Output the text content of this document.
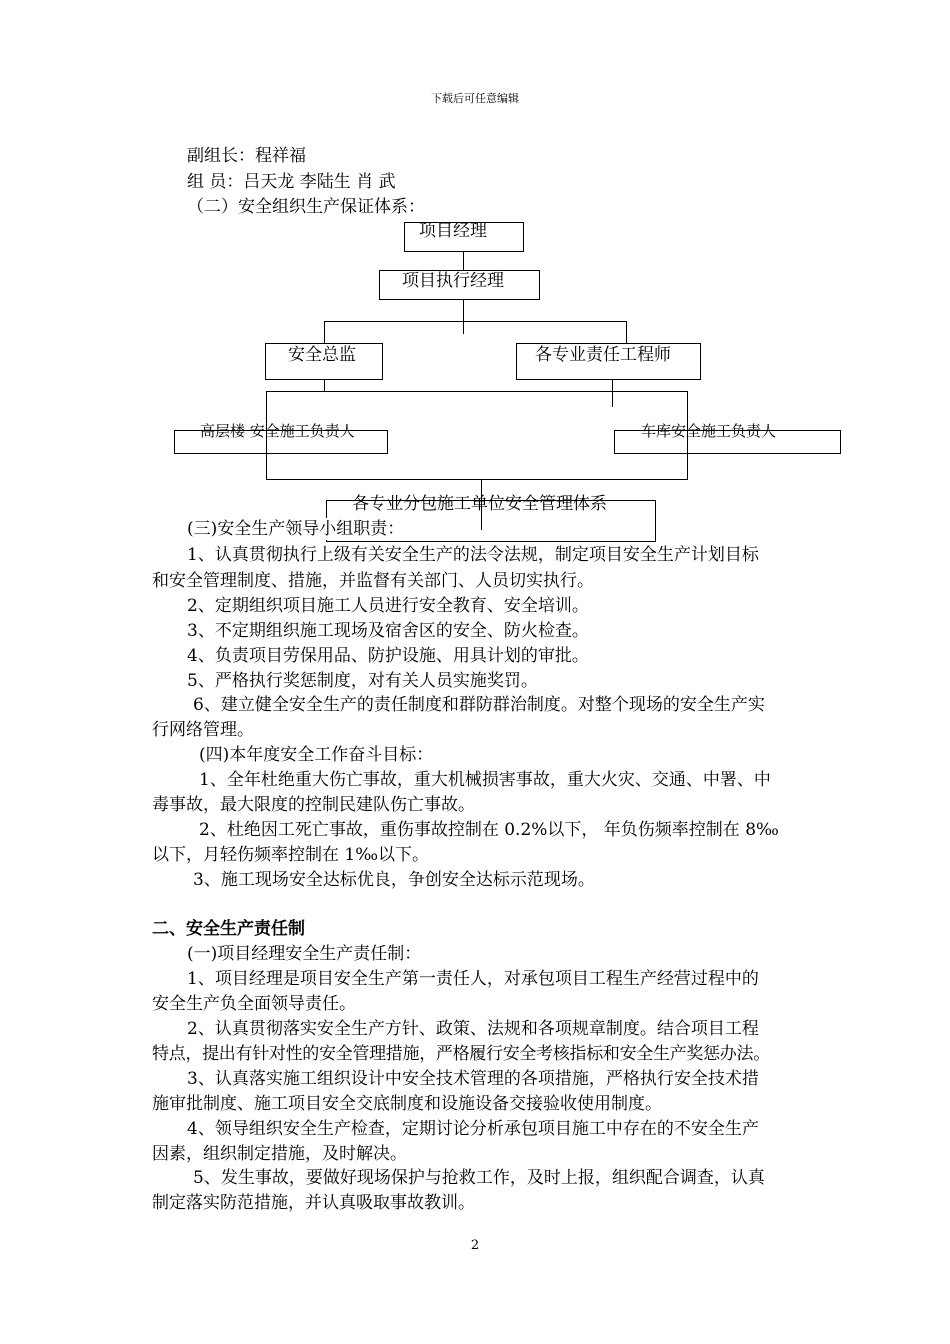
下载后可任意编辑
副组长：程祥福
组 员：吕天龙 李陆生 肖 武
（二）安全组织生产保证体系：
项目经理
项目执行经理
安全总监	各专业责任工程师
高层楼 安全施工负责人	车库安全施工负责人
各专业分包施工单位安全管理体系
(三)安全生产领导小组职责：
1、认真贯彻执行上级有关安全生产的法令法规，制定项目安全生产计划目标
和安全管理制度、措施，并监督有关部门、人员切实执行。
2、定期组织项目施工人员进行安全教育、安全培训。
3、不定期组织施工现场及宿舍区的安全、防火检查。
4、负责项目劳保用品、防护设施、用具计划的审批。
5、严格执行奖惩制度，对有关人员实施奖罚。
6、建立健全安全生产的责任制度和群防群治制度。对整个现场的安全生产实
行网络管理。
(四)本年度安全工作奋斗目标：
1、全年杜绝重大伤亡事故，重大机械损害事故，重大火灾、交通、中署、中
毒事故，最大限度的控制民建队伤亡事故。
2、杜绝因工死亡事故，重伤事故控制在 0.2%以下， 年负伤频率控制在 8‰
以下，月轻伤频率控制在 1‰以下。
3、施工现场安全达标优良，争创安全达标示范现场。
二、安全生产责任制
(一)项目经理安全生产责任制：
1、项目经理是项目安全生产第一责任人，对承包项目工程生产经营过程中的
安全生产负全面领导责任。
2、认真贯彻落实安全生产方针、政策、法规和各项规章制度。结合项目工程
特点，提出有针对性的安全管理措施，严格履行安全考核指标和安全生产奖惩办法。
3、认真落实施工组织设计中安全技术管理的各项措施，严格执行安全技术措
施审批制度、施工项目安全交底制度和设施设备交接验收使用制度。
4、领导组织安全生产检查，定期讨论分析承包项目施工中存在的不安全生产
因素，组织制定措施，及时解决。
5、发生事故，要做好现场保护与抢救工作，及时上报，组织配合调查，认真
制定落实防范措施，并认真吸取事故教训。
2
